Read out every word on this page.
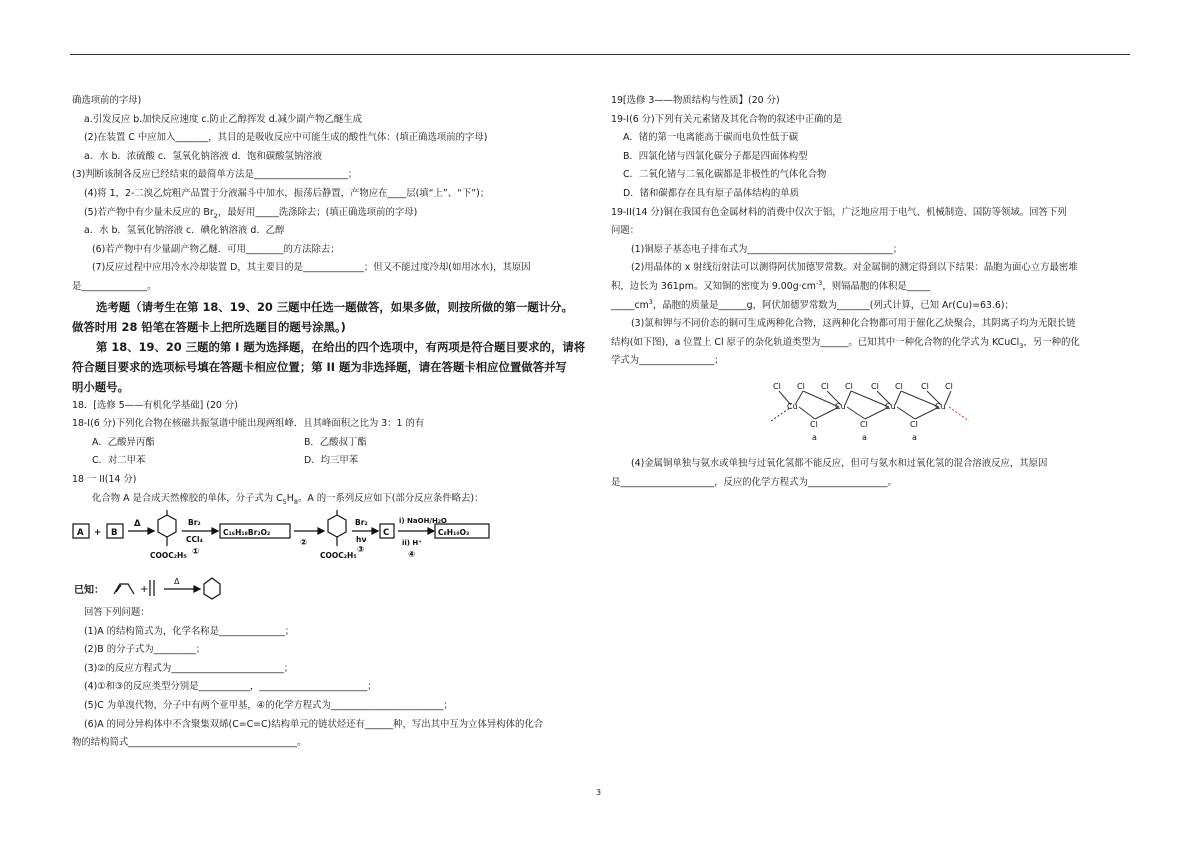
确选项前的字母)
a.引发反应 b.加快反应速度 c.防止乙醇挥发 d.减少副产物乙醚生成
(2)在装置 C 中应加入_______，其目的是吸收反应中可能生成的酸性气体：(填正确选项前的字母)
a．水 b．浓硫酸 c．氢氧化钠溶液 d．饱和碳酸氢钠溶液
(3)判断该制各反应已经结束的最简单方法是____________________；
(4)将 1，2-二溴乙烷粗产品置于分液漏斗中加水，振荡后静置，产物应在____层(填“上”、“下”)；
(5)若产物中有少量未反应的 $Br_2$，最好用_____洗涤除去；(填正确选项前的字母)
a．水 b．氢氧化钠溶液 c．碘化钠溶液 d．乙醇
(6)若产物中有少量副产物乙醚．可用________的方法除去；
(7)反应过程中应用冷水冷却装置 D，其主要目的是_____________；但又不能过度冷却(如用冰水)，其原因
是______________。
选考题（请考生在第 18、19、20 三题中任选一题做答，如果多做，则按所做的第一题计分。
做答时用 28 铅笔在答题卡上把所选题目的题号涂黑。)
第 18、19、20 三题的第 I 题为选择题，在给出的四个选项中，有两项是符合题目要求的，请将
符合题目要求的选项标号填在答题卡相应位置；第 II 题为非选择题，请在答题卡相应位置做答并写
明小题号。
18．[选修 5——有机化学基础] (20 分)
18-I(6 分)下列化合物在核磁共振氢谱中能出现两组峰．且其峰面积之比为 3：1 的有
A．乙酸异丙酯	B．乙酸叔丁酯
C．对二甲苯	D．均三甲苯
18 一 II(14 分)
化合物 A 是合成天然橡胶的单体，分子式为 $C_5H_8$。A 的一系列反应如下(部分反应条件略去)：
A + B
Δ
COOC₂H₅
Br₂
CCl₄
①
C₁₆H₁₈Br₂O₂
②
COOC₂H₅
Br₂
hν
③
C
i) NaOH/H₂O
ii) H⁺
④
C₈H₁₀O₃
已知：	+
Δ
回答下列问题：
(1)A 的结构简式为，化学名称是______________；
(2)B 的分子式为_________；
(3)②的反应方程式为________________________；
(4)①和③的反应类型分别是___________，_______________________；
(5)C 为单溴代物，分子中有两个亚甲基，④的化学方程式为________________________；
(6)A 的同分异构体中不含聚集双烯(C=C=C)结构单元的链状烃还有______种，写出其中互为立体异构体的化合
物的结构简式____________________________________。
19[选修 3——物质结构与性质】(20 分)
19-I(6 分)下列有关元素锗及其化合物的叙述中正确的是
A．锗的第一电离能高于碳而电负性低于碳
B．四氯化锗与四氯化碳分子都是四面体构型
C．二氧化锗与二氧化碳都是非极性的气体化合物
D．锗和碳都存在具有原子晶体结构的单质
19-II(14 分)铜在我国有色金属材料的消费中仅次于铝，广泛地应用于电气、机械制造、国防等领域。回答下列
问题：
(1)铜原子基态电子排布式为_______________________________；
(2)用晶体的 x 射线衍射法可以测得阿伏加德罗常数。对金属铜的测定得到以下结果：晶胞为面心立方最密堆
积，边长为 361pm。又知铜的密度为 $9.00g\cdot cm^{-3}$，则镉晶胞的体积是_____
$\_\_\_\_\_cm^3$，晶胞的质量是______g，阿伏加德罗常数为_______(列式计算，已知 Ar(Cu)=63.6)；
(3)氯和钾与不同价态的铜可生成两种化合物，这两种化合物都可用于催化乙炔聚合，其阴离子均为无限长链
结构(如下图)，a 位置上 Cl 原子的杂化轨道类型为______。已知其中一种化合物的化学式为 KCuCl$_3$，另一种的化
学式为________________；
Cl Cl Cl Cl Cl Cl Cl Cl
Cu	Cu	Cu	Cu
Cl	Cl	Cl
a	a	a
(4)金属铜单独与氨水或单独与过氧化氢都不能反应，但可与氨水和过氧化氢的混合溶液反应，其原因
是____________________，反应的化学方程式为_________________。
3
